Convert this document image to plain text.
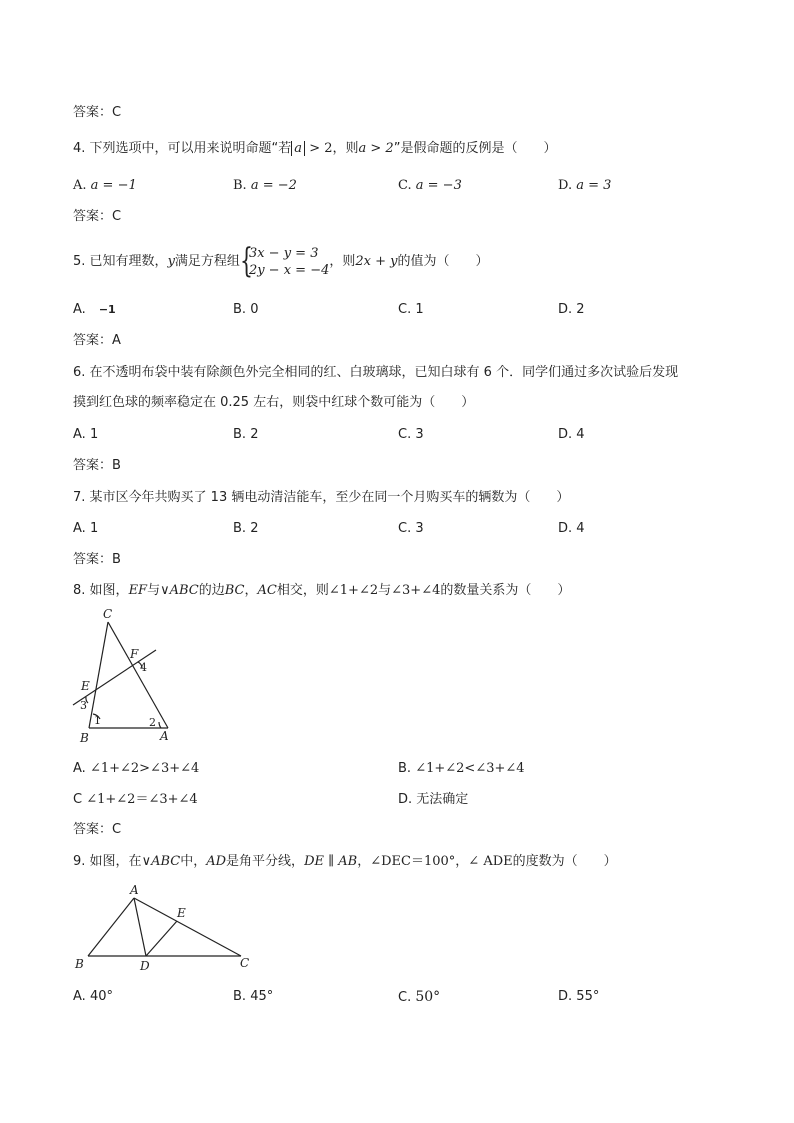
答案：C
4. 下列选项中，可以用来说明命题“若 a > 2，则a > 2”是假命题的反例是（　　）
A. a = −1	B. a = −2	C. a = −3	D. a = 3
答案：C
5. 已知有理数，y满足方程组 {
3x − y = 3
2y − x = −4
，则2x + y的值为（　　）
A.　 −1	B. 0	C. 1	D. 2
答案：A
6. 在不透明布袋中装有除颜色外完全相同的红、白玻璃球，已知白球有 6 个．同学们通过多次试验后发现
摸到红色球的频率稳定在 0.25 左右，则袋中红球个数可能为（　　）
A. 1	B. 2	C. 3	D. 4
答案：B
7. 某市区今年共购买了 13 辆电动清洁能车，至少在同一个月购买车的辆数为（　　）
A. 1	B. 2	C. 3	D. 4
答案：B
8. 如图，EF与∨ABC的边BC，AC相交，则∠1+∠2与∠3+∠4的数量关系为（　　）
C
F
4
E
3
1	2
B	A
A. ∠1+∠2>∠3+∠4	B. ∠1+∠2<∠3+∠4
C ∠1+∠2＝∠3+∠4	D. 无法确定
答案：C
9. 如图，在∨ABC中，AD是角平分线，DE ∥ AB，∠DEC＝100°，∠ ADE的度数为（　　）
A
E
B	D	C
A. 40°	B. 45°	C. 50°	D. 55°
